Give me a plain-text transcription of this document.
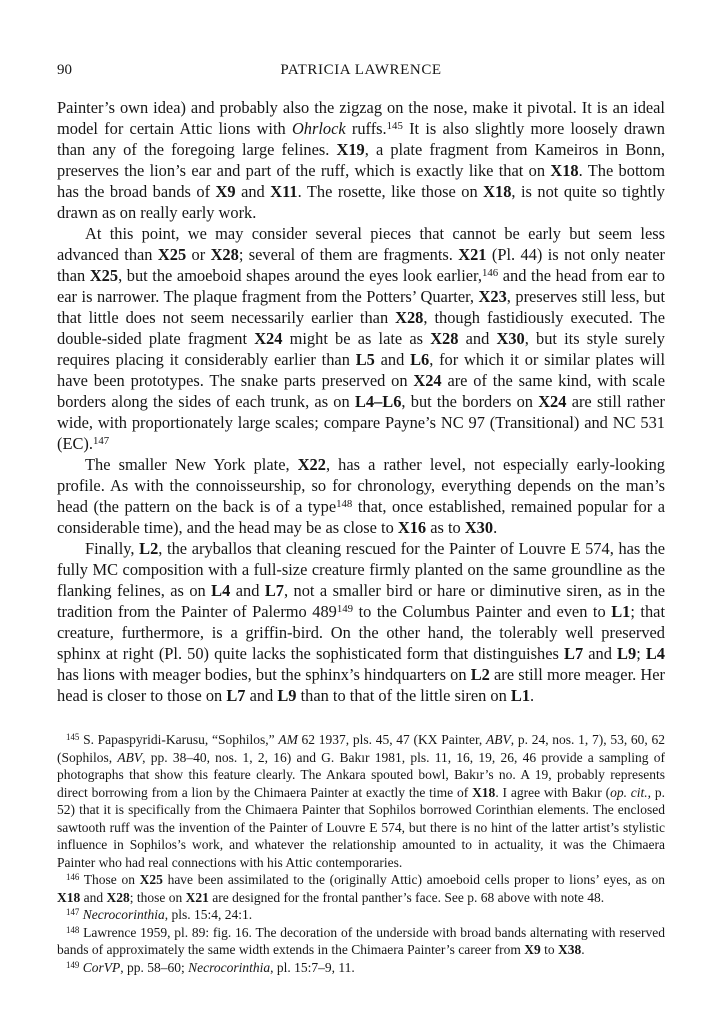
90	PATRICIA LAWRENCE

Painter’s own idea) and probably also the zigzag on the nose, make it pivotal. It is an ideal model for certain Attic lions with Ohrlock ruffs.$^{145}$ It is also slightly more loosely drawn than any of the foregoing large felines. X19, a plate fragment from Kameiros in Bonn, preserves the lion’s ear and part of the ruff, which is exactly like that on X18. The bottom has the broad bands of X9 and X11. The rosette, like those on X18, is not quite so tightly drawn as on really early work.

At this point, we may consider several pieces that cannot be early but seem less advanced than X25 or X28; several of them are fragments. X21 (Pl. 44) is not only neater than X25, but the amoeboid shapes around the eyes look earlier,$^{146}$ and the head from ear to ear is narrower. The plaque fragment from the Potters’ Quarter, X23, preserves still less, but that little does not seem necessarily earlier than X28, though fastidiously executed. The double-sided plate fragment X24 might be as late as X28 and X30, but its style surely requires placing it considerably earlier than L5 and L6, for which it or similar plates will have been prototypes. The snake parts preserved on X24 are of the same kind, with scale borders along the sides of each trunk, as on L4–L6, but the borders on X24 are still rather wide, with proportionately large scales; compare Payne’s NC 97 (Transitional) and NC 531 (EC).$^{147}$

The smaller New York plate, X22, has a rather level, not especially early-looking profile. As with the connoisseurship, so for chronology, everything depends on the man’s head (the pattern on the back is of a type$^{148}$ that, once established, remained popular for a considerable time), and the head may be as close to X16 as to X30.

Finally, L2, the aryballos that cleaning rescued for the Painter of Louvre E 574, has the fully MC composition with a full-size creature firmly planted on the same groundline as the flanking felines, as on L4 and L7, not a smaller bird or hare or diminutive siren, as in the tradition from the Painter of Palermo $489^{149}$ to the Columbus Painter and even to L1; that creature, furthermore, is a griffin-bird. On the other hand, the tolerably well preserved sphinx at right (Pl. 50) quite lacks the sophisticated form that distinguishes L7 and L9; L4 has lions with meager bodies, but the sphinx’s hindquarters on L2 are still more meager. Her head is closer to those on L7 and L9 than to that of the little siren on L1.

$^{145}$ S. Papaspyridi-Karusu, “Sophilos,” AM 62 1937, pls. 45, 47 (KX Painter, ABV, p. 24, nos. 1, 7), 53, 60, 62 (Sophilos, ABV, pp. 38–40, nos. 1, 2, 16) and G. Bakır 1981, pls. 11, 16, 19, 26, 46 provide a sampling of photographs that show this feature clearly. The Ankara spouted bowl, Bakır’s no. A 19, probably represents direct borrowing from a lion by the Chimaera Painter at exactly the time of X18. I agree with Bakır (op. cit., p. 52) that it is specifically from the Chimaera Painter that Sophilos borrowed Corinthian elements. The enclosed sawtooth ruff was the invention of the Painter of Louvre E 574, but there is no hint of the latter artist’s stylistic influence in Sophilos’s work, and whatever the relationship amounted to in actuality, it was the Chimaera Painter who had real connections with his Attic contemporaries.

$^{146}$ Those on X25 have been assimilated to the (originally Attic) amoeboid cells proper to lions’ eyes, as on X18 and X28; those on X21 are designed for the frontal panther’s face. See p. 68 above with note 48.

$^{147}$ Necrocorinthia, pls. 15:4, 24:1.

$^{148}$ Lawrence 1959, pl. 89: fig. 16. The decoration of the underside with broad bands alternating with reserved bands of approximately the same width extends in the Chimaera Painter’s career from X9 to X38.

$^{149}$ CorVP, pp. 58–60; Necrocorinthia, pl. 15:7–9, 11.
